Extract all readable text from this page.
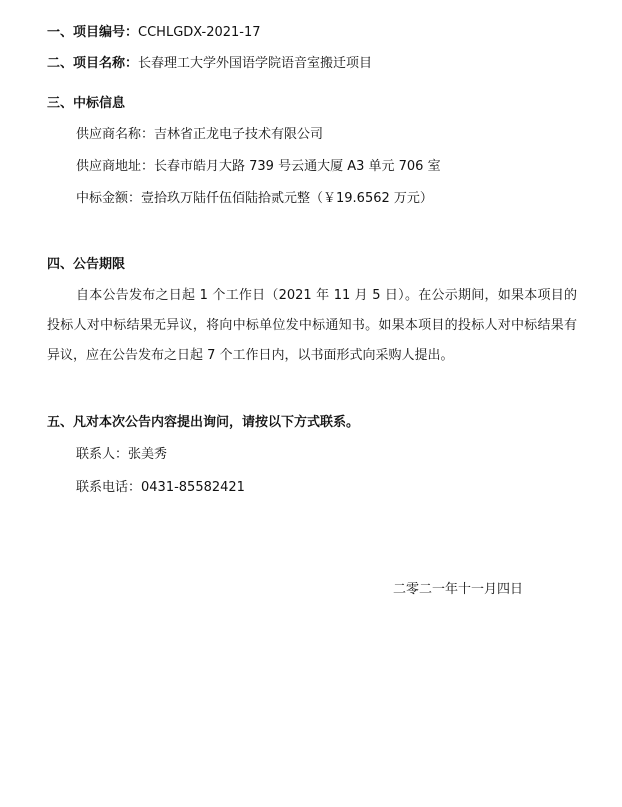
一、项目编号：CCHLGDX-2021-17
二、项目名称：长春理工大学外国语学院语音室搬迁项目
三、中标信息
供应商名称：吉林省正龙电子技术有限公司
供应商地址：长春市皓月大路 739 号云通大厦 A3 单元 706 室
中标金额：壹拾玖万陆仟伍佰陆拾贰元整（￥19.6562 万元）
四、公告期限
自本公告发布之日起 1 个工作日（2021 年 11 月 5 日）。在公示期间，如果本项目的投标人对中标结果无异议，将向中标单位发中标通知书。如果本项目的投标人对中标结果有异议，应在公告发布之日起 7 个工作日内，以书面形式向采购人提出。
五、凡对本次公告内容提出询问，请按以下方式联系。
联系人：张美秀
联系电话：0431-85582421
二零二一年十一月四日
